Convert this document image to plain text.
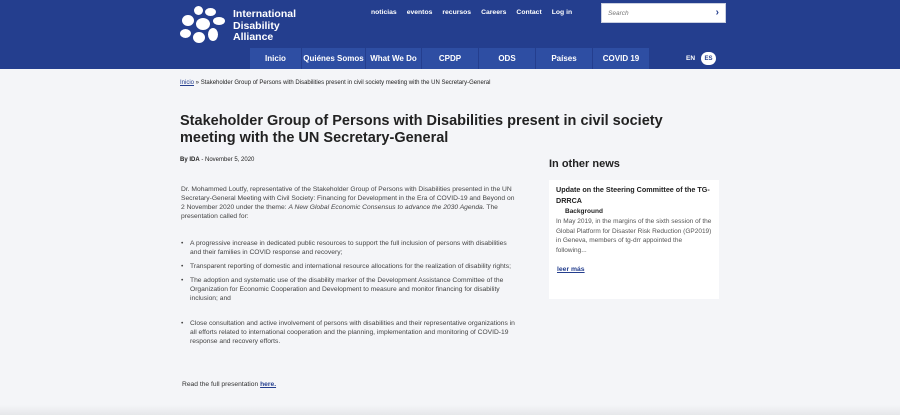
International
Disability
Alliance
noticias eventos recursos Careers Contact Log in
Search	›
Inicio	Quiénes Somos What We Do	CPDP	ODS	Países	COVID 19	EN	ES
Inicio » Stakeholder Group of Persons with Disabilities present in civil society meeting with the UN Secretary-General
Stakeholder Group of Persons with Disabilities present in civil society meeting with the UN Secretary-General
By IDA - November 5, 2020

Dr. Mohammed Loutfy, representative of the Stakeholder Group of Persons with Disabilities presented in the UN Secretary-General Meeting with Civil Society: Financing for Development in the Era of COVID-19 and Beyond on 2 November 2020 under the theme: A New Global Economic Consensus to advance the 2030 Agenda. The presentation called for:

• A progressive increase in dedicated public resources to support the full inclusion of persons with disabilities and their families in COVID response and recovery;
• Transparent reporting of domestic and international resource allocations for the realization of disability rights;
• The adoption and systematic use of the disability marker of the Development Assistance Committee of the Organization for Economic Cooperation and Development to measure and monitor financing for disability inclusion; and
• Close consultation and active involvement of persons with disabilities and their representative organizations in all efforts related to international cooperation and the planning, implementation and monitoring of COVID-19 response and recovery efforts.
Read the full presentation here.
In other news
Update on the Steering Committee of the TG-DRRCA
Background
In May 2019, in the margins of the sixth session of the Global Platform for Disaster Risk Reduction (GP2019) in Geneva, members of tg-drr appointed the following...
leer más
